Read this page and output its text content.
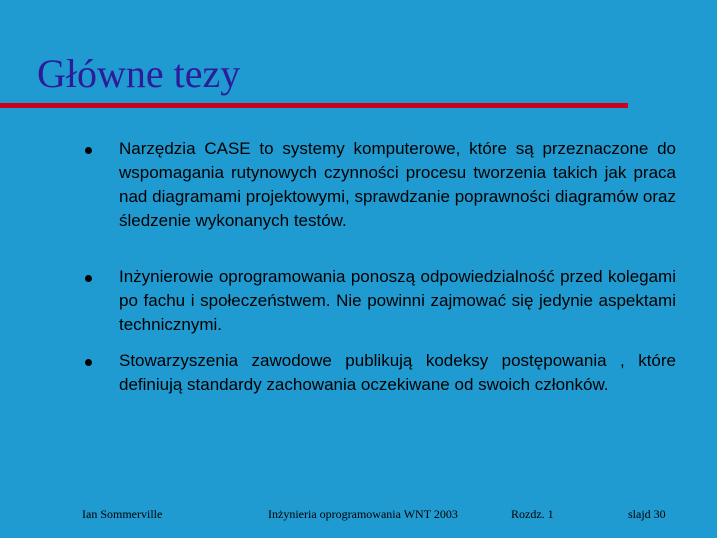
Główne tezy
Narzędzia CASE to systemy komputerowe, które są przeznaczone do wspomagania rutynowych czynności procesu tworzenia takich jak praca nad diagramami projektowymi, sprawdzanie poprawności diagramów oraz śledzenie wykonanych testów.
Inżynierowie oprogramowania ponoszą odpowiedzialność przed kolegami po fachu i społeczeństwem. Nie powinni zajmować się jedynie aspektami technicznymi.
Stowarzyszenia zawodowe publikują kodeksy postępowania , które definiują standardy zachowania oczekiwane od swoich członków.
Ian Sommerville	Inżynieria oprogramowania WNT 2003	Rozdz. 1	slajd 30
